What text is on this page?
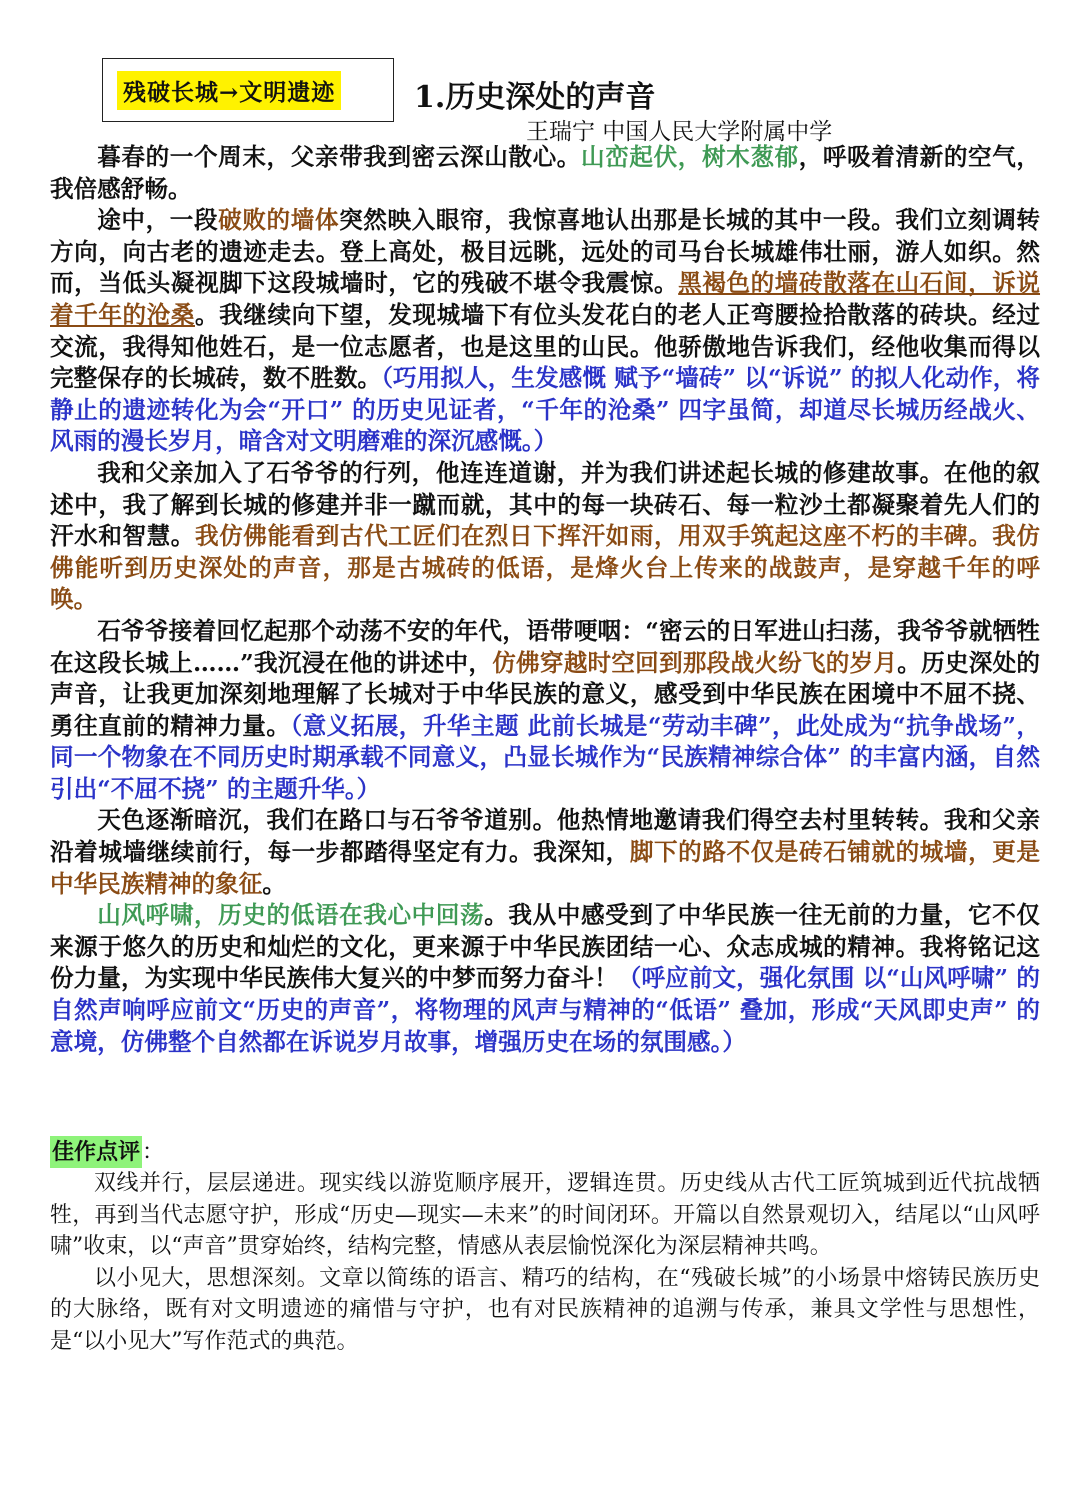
残破长城→文明遗迹	1.历史深处的声音
王瑞宁 中国人民大学附属中学

暮春的一个周末，父亲带我到密云深山散心。山峦起伏，树木葱郁，呼吸着清新的空气，我倍感舒畅。

途中，一段破败的墙体突然映入眼帘，我惊喜地认出那是长城的其中一段。我们立刻调转方向，向古老的遗迹走去。登上高处，极目远眺，远处的司马台长城雄伟壮丽，游人如织。然而，当低头凝视脚下这段城墙时，它的残破不堪令我震惊。黑褐色的墙砖散落在山石间，诉说着千年的沧桑。我继续向下望，发现城墙下有位头发花白的老人正弯腰捡拾散落的砖块。经过交流，我得知他姓石，是一位志愿者，也是这里的山民。他骄傲地告诉我们，经他收集而得以完整保存的长城砖，数不胜数。（巧用拟人，生发感慨 赋予“墙砖” 以“诉说” 的拟人化动作，将静止的遗迹转化为会“开口” 的历史见证者，“千年的沧桑” 四字虽简，却道尽长城历经战火、风雨的漫长岁月，暗含对文明磨难的深沉感慨。）

我和父亲加入了石爷爷的行列，他连连道谢，并为我们讲述起长城的修建故事。在他的叙述中，我了解到长城的修建并非一蹴而就，其中的每一块砖石、每一粒沙土都凝聚着先人们的汗水和智慧。我仿佛能看到古代工匠们在烈日下挥汗如雨，用双手筑起这座不朽的丰碑。我仿佛能听到历史深处的声音，那是古城砖的低语，是烽火台上传来的战鼓声，是穿越千年的呼唤。

石爷爷接着回忆起那个动荡不安的年代，语带哽咽：“密云的日军进山扫荡，我爷爷就牺牲在这段长城上……”我沉浸在他的讲述中，仿佛穿越时空回到那段战火纷飞的岁月。历史深处的声音，让我更加深刻地理解了长城对于中华民族的意义，感受到中华民族在困境中不屈不挠、勇往直前的精神力量。（意义拓展，升华主题 此前长城是“劳动丰碑”，此处成为“抗争战场”，同一个物象在不同历史时期承载不同意义，凸显长城作为“民族精神综合体” 的丰富内涵，自然引出“不屈不挠” 的主题升华。）

天色逐渐暗沉，我们在路口与石爷爷道别。他热情地邀请我们得空去村里转转。我和父亲沿着城墙继续前行，每一步都踏得坚定有力。我深知，脚下的路不仅是砖石铺就的城墙，更是中华民族精神的象征。

山风呼啸，历史的低语在我心中回荡。我从中感受到了中华民族一往无前的力量，它不仅来源于悠久的历史和灿烂的文化，更来源于中华民族团结一心、众志成城的精神。我将铭记这份力量，为实现中华民族伟大复兴的中梦而努力奋斗！（呼应前文，强化氛围 以“山风呼啸” 的自然声响呼应前文“历史的声音”，将物理的风声与精神的“低语” 叠加，形成“天风即史声” 的意境，仿佛整个自然都在诉说岁月故事，增强历史在场的氛围感。）

佳作点评：

双线并行，层层递进。现实线以游览顺序展开，逻辑连贯。历史线从古代工匠筑城到近代抗战牺牲，再到当代志愿守护，形成“历史—现实—未来”的时间闭环。开篇以自然景观切入，结尾以“山风呼啸”收束，以“声音”贯穿始终，结构完整，情感从表层愉悦深化为深层精神共鸣。

以小见大，思想深刻。文章以简练的语言、精巧的结构，在“残破长城”的小场景中熔铸民族历史的大脉络，既有对文明遗迹的痛惜与守护，也有对民族精神的追溯与传承，兼具文学性与思想性，是“以小见大”写作范式的典范。
